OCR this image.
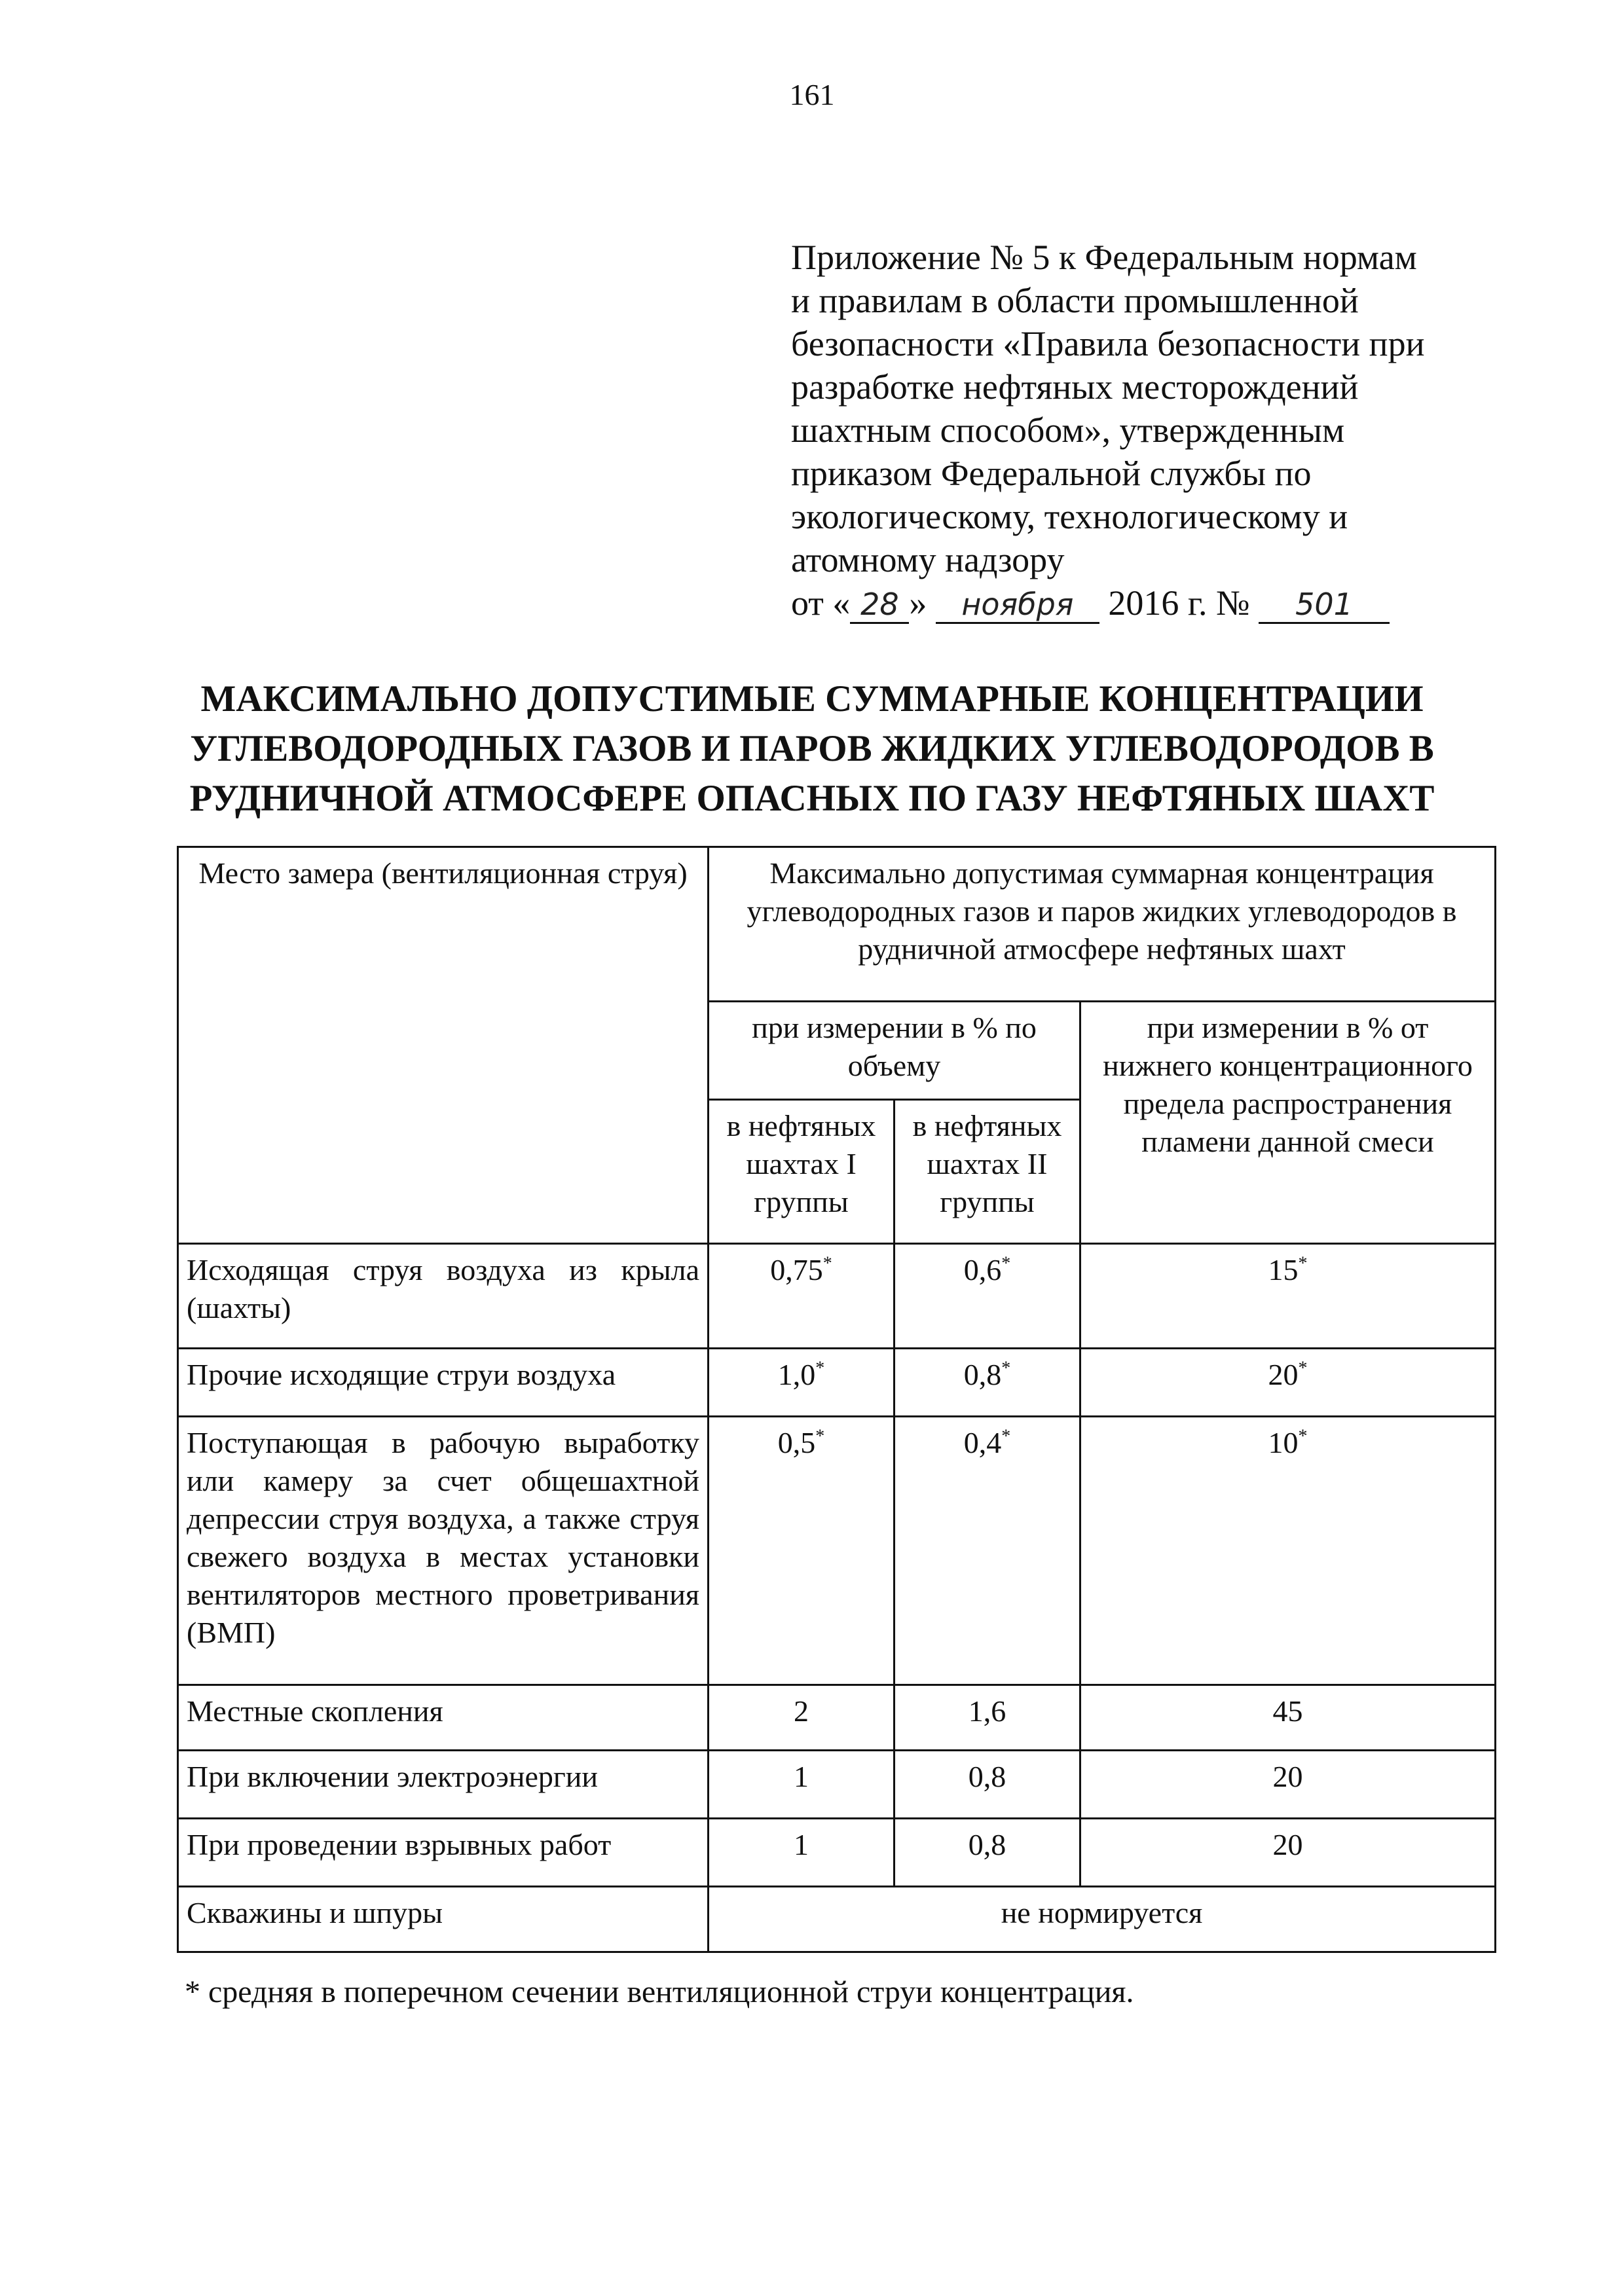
161
Приложение № 5 к Федеральным нормам
и правилам в области промышленной
безопасности «Правила безопасности при
разработке нефтяных месторождений
шахтным способом», утвержденным
приказом Федеральной службы по
экологическому, технологическому и
атомному надзору
от « 28 » ноября 2016 г. № 501
МАКСИМАЛЬНО ДОПУСТИМЫЕ СУММАРНЫЕ КОНЦЕНТРАЦИИ
УГЛЕВОДОРОДНЫХ ГАЗОВ И ПАРОВ ЖИДКИХ УГЛЕВОДОРОДОВ В
РУДНИЧНОЙ АТМОСФЕРЕ ОПАСНЫХ ПО ГАЗУ НЕФТЯНЫХ ШАХТ
Место замера (вентиляционная струя)	Максимально допустимая суммарная концентрация углеводородных газов и паров жидких углеводородов в рудничной атмосфере нефтяных шахт		
	при измерении в % по объему		при измерении в % от нижнего концентрационного предела распространения пламени данной смеси
	в нефтяных шахтах I группы	в нефтяных шахтах II группы	
Исходящая струя воздуха из крыла (шахты)	0,75*	0,6*	15*
Прочие исходящие струи воздуха	1,0*	0,8*	20*
Поступающая в рабочую выработку или камеру за счет общешахтной депрессии струя воздуха, а также струя свежего воздуха в местах установки вентиляторов местного проветривания (ВМП)	0,5*	0,4*	10*
Местные скопления	2	1,6	45
При включении электроэнергии	1	0,8	20
При проведении взрывных работ	1	0,8	20
Скважины и шпуры	не нормируется		
* средняя в поперечном сечении вентиляционной струи концентрация.
